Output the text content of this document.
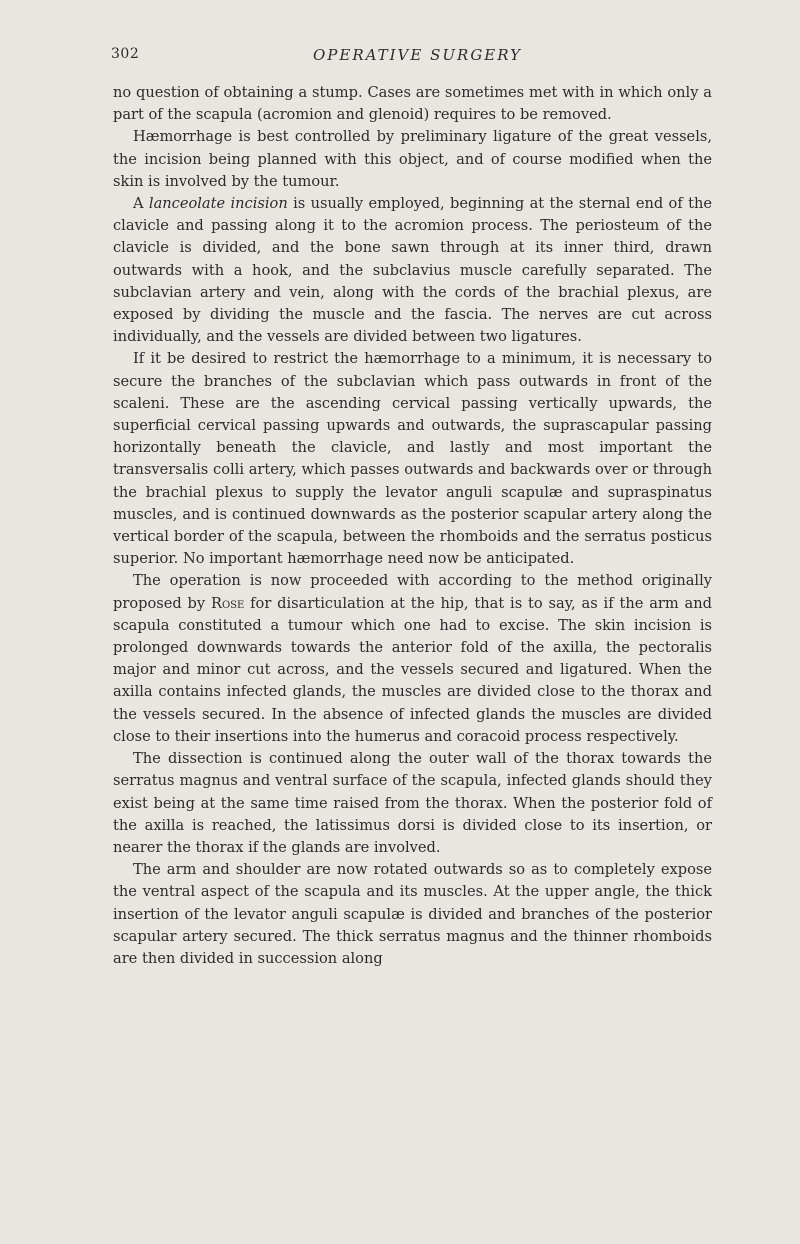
302	OPERATIVE SURGERY

no question of obtaining a stump. Cases are sometimes met with in which only a part of the scapula (acromion and glenoid) requires to be removed.

Hæmorrhage is best controlled by preliminary ligature of the great vessels, the incision being planned with this object, and of course modified when the skin is involved by the tumour.

A lanceolate incision is usually employed, beginning at the sternal end of the clavicle and passing along it to the acromion process. The periosteum of the clavicle is divided, and the bone sawn through at its inner third, drawn outwards with a hook, and the subclavius muscle carefully separated. The subclavian artery and vein, along with the cords of the brachial plexus, are exposed by dividing the muscle and the fascia. The nerves are cut across individually, and the vessels are divided between two ligatures.

If it be desired to restrict the hæmorrhage to a minimum, it is necessary to secure the branches of the subclavian which pass outwards in front of the scaleni. These are the ascending cervical passing vertically upwards, the superficial cervical passing upwards and outwards, the suprascapular passing horizontally beneath the clavicle, and lastly and most important the transversalis colli artery, which passes outwards and backwards over or through the brachial plexus to supply the levator anguli scapulæ and supraspinatus muscles, and is continued downwards as the posterior scapular artery along the vertical border of the scapula, between the rhomboids and the serratus posticus superior. No important hæmorrhage need now be anticipated.

The operation is now proceeded with according to the method originally proposed by Rose for disarticulation at the hip, that is to say, as if the arm and scapula constituted a tumour which one had to excise. The skin incision is prolonged downwards towards the anterior fold of the axilla, the pectoralis major and minor cut across, and the vessels secured and ligatured. When the axilla contains infected glands, the muscles are divided close to the thorax and the vessels secured. In the absence of infected glands the muscles are divided close to their insertions into the humerus and coracoid process respectively.

The dissection is continued along the outer wall of the thorax towards the serratus magnus and ventral surface of the scapula, infected glands should they exist being at the same time raised from the thorax. When the posterior fold of the axilla is reached, the latissimus dorsi is divided close to its insertion, or nearer the thorax if the glands are involved.

The arm and shoulder are now rotated outwards so as to completely expose the ventral aspect of the scapula and its muscles. At the upper angle, the thick insertion of the levator anguli scapulæ is divided and branches of the posterior scapular artery secured. The thick serratus magnus and the thinner rhomboids are then divided in succession along
